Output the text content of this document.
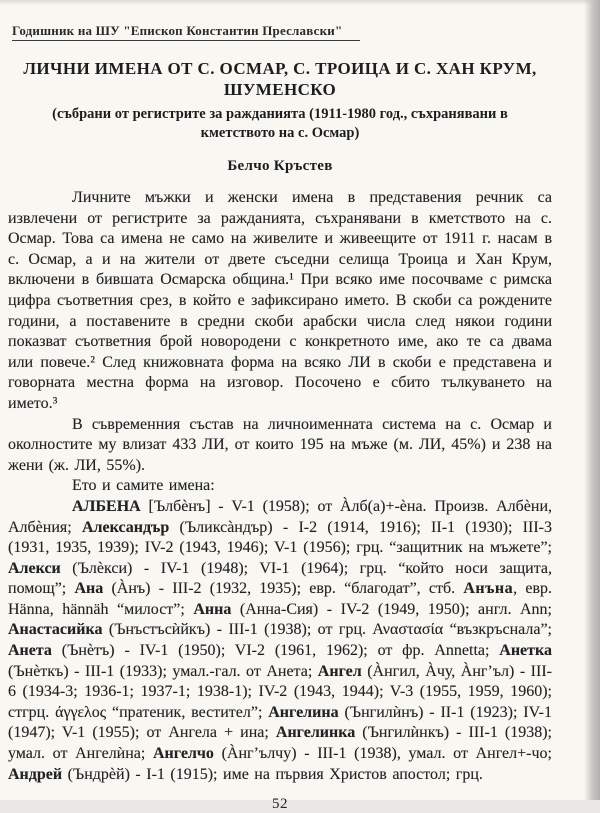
Годишник на ШУ "Епископ Константин Преславски"
ЛИЧНИ ИМЕНА ОТ С. ОСМАР, С. ТРОИЦА И С. ХАН КРУМ,
ШУМЕНСКО
(събрани от регистрите за ражданията (1911-1980 год., съхранявани в кметството на с. Осмар)
Белчо Кръстев

Личните мъжки и женски имена в представения речник са извлечени от регистрите за ражданията, съхранявани в кметството на с. Осмар. Това са имена не само на живелите и живеещите от 1911 г. насам в с. Осмар, а и на жители от двете съседни селища Троица и Хан Крум, включени в бившата Осмарска община.¹ При всяко име посочваме с римска цифра съответния срез, в който е зафиксирано името. В скоби са рождените години, а поставените в средни скоби арабски числа след някои години показват съответния брой новородени с конкретното име, ако те са двама или повече.² След книжовната форма на всяко ЛИ в скоби е представена и говорната местна форма на изговор. Посочено е сбито тълкуването на името.³

В съвременния състав на личноименната система на с. Осмар и околностите му влизат 433 ЛИ, от които 195 на мъже (м. ЛИ, 45%) и 238 на жени (ж. ЛИ, 55%).

Ето и самите имена:

АЛБЕНА [Ълбѐнъ] - V-1 (1958); от Àлб(а)+-ѐна. Произв. Албѐни, Албѐния; Александър (Ъликсàндър) - I-2 (1914, 1916); II-1 (1930); III-3 (1931, 1935, 1939); IV-2 (1943, 1946); V-1 (1956); грц. “защитник на мъжете”; Алекси (Ълѐкси) - IV-1 (1948); VI-1 (1964); грц. “който носи защита, помощ”; Ана (Àнъ) - III-2 (1932, 1935); евр. “благодат”, стб. Анъна, евр. Hänna, hännäh “милост”; Анна (Анна-Сия) - IV-2 (1949, 1950); англ. Ann; Анастасийка (Ънъстъсѝйкъ) - III-1 (1938); от грц. Αναστασία “възкръснала”; Анета (Ънѐтъ) - IV-1 (1950); VI-2 (1961, 1962); от фр. Annetta; Анетка (Ънѐткъ) - III-1 (1933); умал.-гал. от Анета; Ангел (Àнгил, Àчу, Àнг’ъл) - III-6 (1934-3; 1936-1; 1937-1; 1938-1); IV-2 (1943, 1944); V-3 (1955, 1959, 1960); стгрц. άγγελος “пратеник, вестител”; Ангелина (Ънгилѝнъ) - II-1 (1923); IV-1 (1947); V-1 (1955); от Ангела + ина; Ангелинка (Ънгилѝнкъ) - III-1 (1938); умал. от Ангелѝна; Ангелчо (Àнг’ълчу) - III-1 (1938), умал. от Ангел+-чо; Андрей (Ъндрѐй) - I-1 (1915); име на първия Христов апостол; грц.

52
